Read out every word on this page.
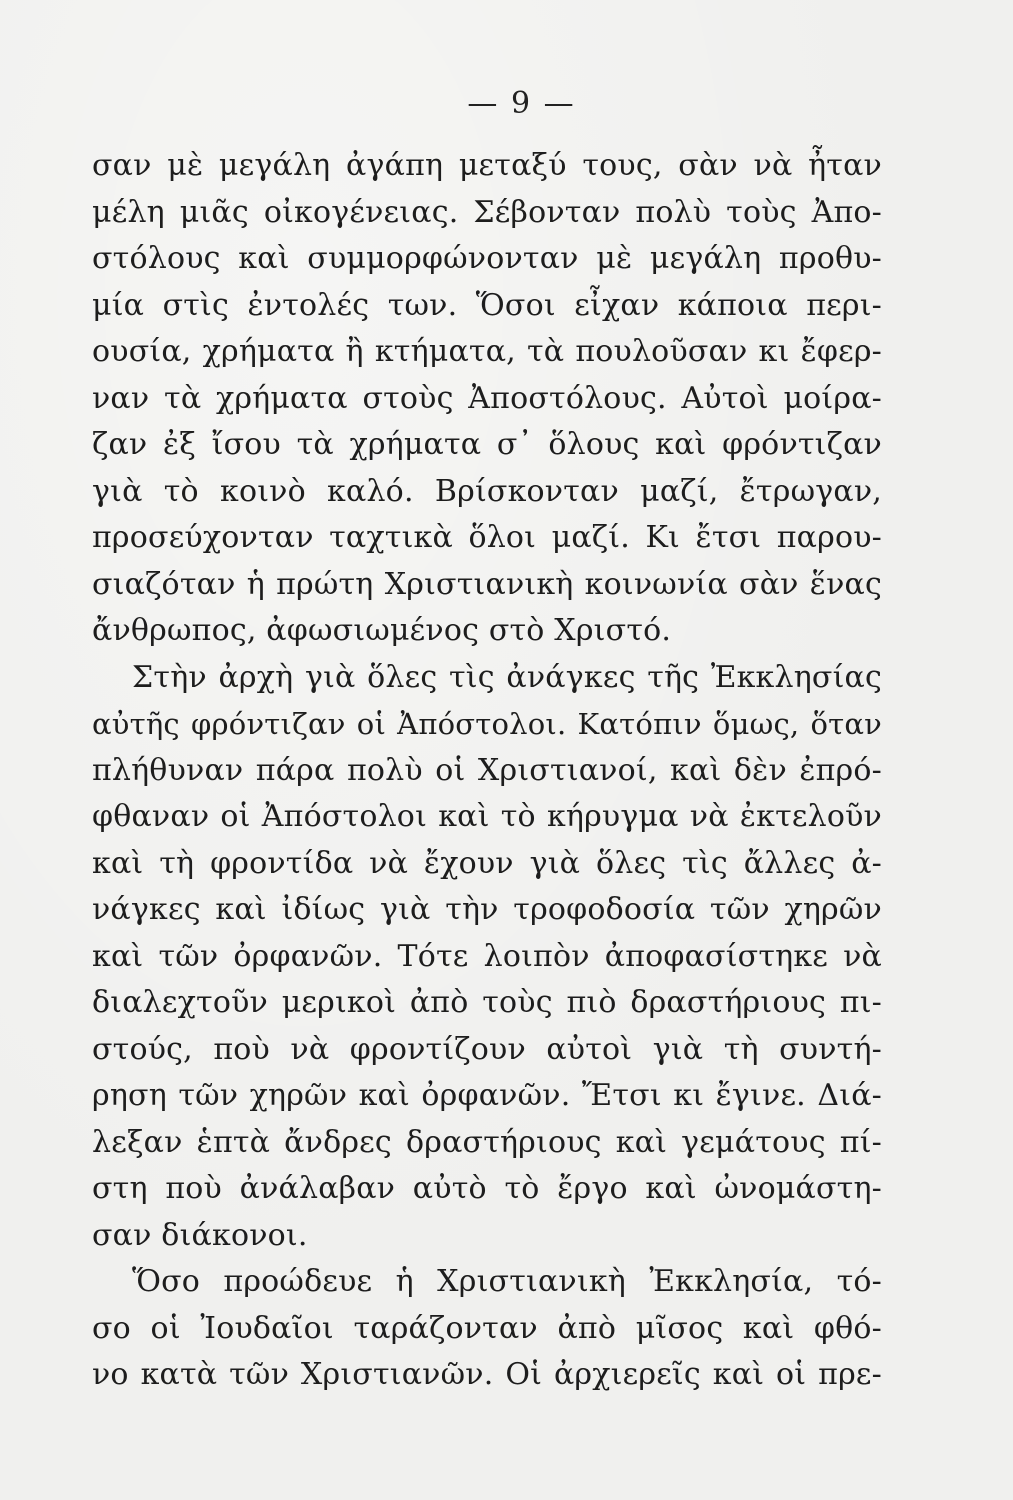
— 9 —
σαν μὲ μεγάλη ἀγάπη μεταξύ τους, σὰν νὰ ἦταν
μέλη μιᾶς οἰκογένειας. Σέβονταν πολὺ τοὺς Ἀπο-
στόλους καὶ συμμορφώνονταν μὲ μεγάλη προθυ-
μία στὶς ἐντολές των. Ὅσοι εἶχαν κάποια περι-
ουσία, χρήματα ἢ κτήματα, τὰ πουλοῦσαν κι ἔφερ-
ναν τὰ χρήματα στοὺς Ἀποστόλους. Αὐτοὶ μοίρα-
ζαν ἐξ ἴσου τὰ χρήματα σ᾽ ὅλους καὶ φρόντιζαν
γιὰ τὸ κοινὸ καλό. Βρίσκονταν μαζί, ἔτρωγαν,
προσεύχονταν ταχτικὰ ὅλοι μαζί. Κι ἔτσι παρου-
σιαζόταν ἡ πρώτη Χριστιανικὴ κοινωνία σὰν ἕνας
ἄνθρωπος, ἀφωσιωμένος στὸ Χριστό.
Στὴν ἀρχὴ γιὰ ὅλες τὶς ἀνάγκες τῆς Ἐκκλησίας
αὐτῆς φρόντιζαν οἱ Ἀπόστολοι. Κατόπιν ὅμως, ὅταν
πλήθυναν πάρα πολὺ οἱ Χριστιανοί, καὶ δὲν ἐπρό-
φθαναν οἱ Ἀπόστολοι καὶ τὸ κήρυγμα νὰ ἐκτελοῦν
καὶ τὴ φροντίδα νὰ ἔχουν γιὰ ὅλες τὶς ἄλλες ἀ-
νάγκες καὶ ἰδίως γιὰ τὴν τροφοδοσία τῶν χηρῶν
καὶ τῶν ὀρφανῶν. Τότε λοιπὸν ἀποφασίστηκε νὰ
διαλεχτοῦν μερικοὶ ἀπὸ τοὺς πιὸ δραστήριους πι-
στούς, ποὺ νὰ φροντίζουν αὐτοὶ γιὰ τὴ συντή-
ρηση τῶν χηρῶν καὶ ὀρφανῶν. Ἔτσι κι ἔγινε. Διά-
λεξαν ἑπτὰ ἄνδρες δραστήριους καὶ γεμάτους πί-
στη ποὺ ἀνάλαβαν αὐτὸ τὸ ἔργο καὶ ὠνομάστη-
σαν διάκονοι.
Ὅσο προώδευε ἡ Χριστιανικὴ Ἐκκλησία, τό-
σο οἱ Ἰουδαῖοι ταράζονταν ἀπὸ μῖσος καὶ φθό-
νο κατὰ τῶν Χριστιανῶν. Οἱ ἀρχιερεῖς καὶ οἱ πρε-
